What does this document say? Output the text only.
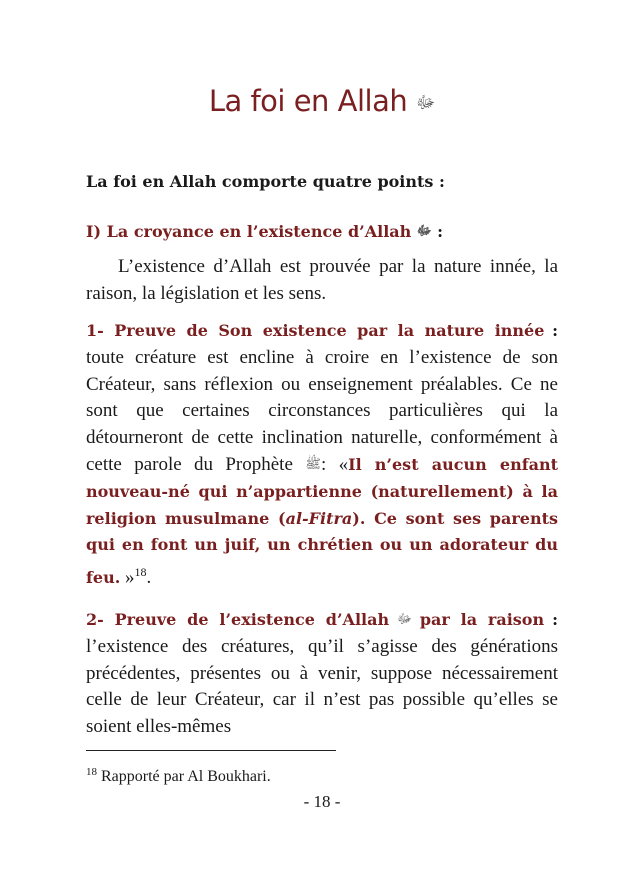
La foi en Allah ﷻ
La foi en Allah comporte quatre points :
I) La croyance en l’existence d’Allah ﷻ :
L’existence d’Allah est prouvée par la nature innée, la raison, la législation et les sens.
1- Preuve de Son existence par la nature innée : toute créature est encline à croire en l’existence de son Créateur, sans réflexion ou enseignement préalables. Ce ne sont que certaines circonstances particulières qui la détourneront de cette inclination naturelle, conformément à cette parole du Prophète ﷺ: «Il n’est aucun enfant nouveau-né qui n’appartienne (naturellement) à la religion musulmane (al-Fitra). Ce sont ses parents qui en font un juif, un chrétien ou un adorateur du feu. »$^{18}$.
2- Preuve de l’existence d’Allah ﷻ par la raison : l’existence des créatures, qu’il s’agisse des générations précédentes, présentes ou à venir, suppose nécessairement celle de leur Créateur, car il n’est pas possible qu’elles se soient elles-mêmes
$^{18}$ Rapporté par Al Boukhari.
- 18 -
